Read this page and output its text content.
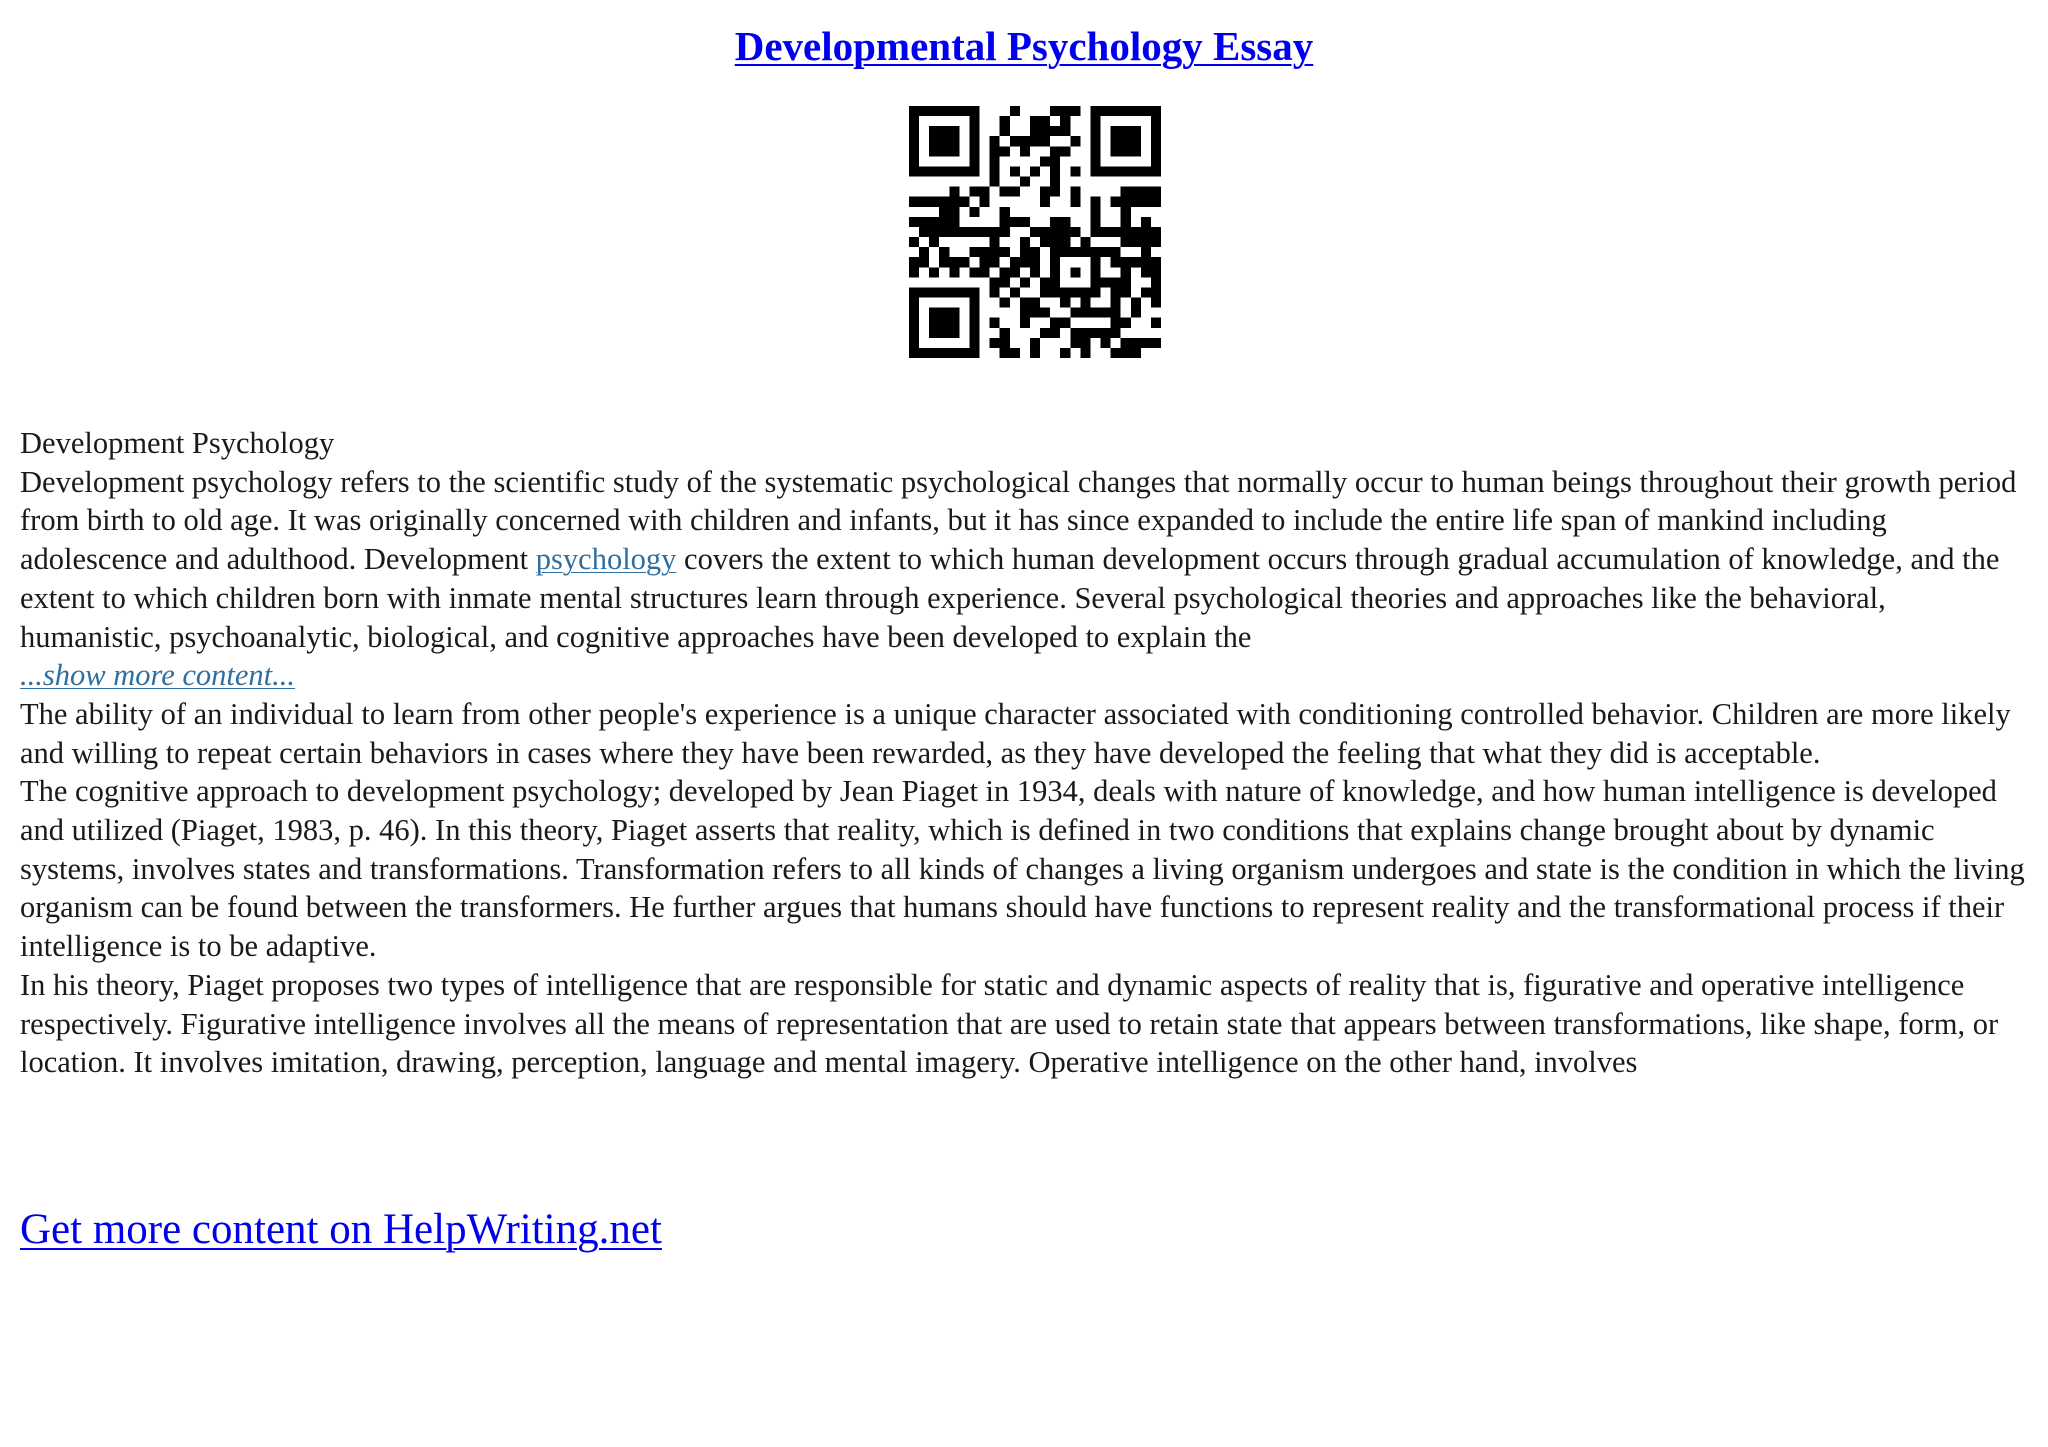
Developmental Psychology Essay

Development Psychology

Development psychology refers to the scientific study of the systematic psychological changes that normally occur to human beings throughout their growth period from birth to old age. It was originally concerned with children and infants, but it has since expanded to include the entire life span of mankind including adolescence and adulthood. Development psychology covers the extent to which human development occurs through gradual accumulation of knowledge, and the extent to which children born with inmate mental structures learn through experience. Several psychological theories and approaches like the behavioral, humanistic, psychoanalytic, biological, and cognitive approaches have been developed to explain the

...show more content...

The ability of an individual to learn from other people's experience is a unique character associated with conditioning controlled behavior. Children are more likely and willing to repeat certain behaviors in cases where they have been rewarded, as they have developed the feeling that what they did is acceptable.

The cognitive approach to development psychology; developed by Jean Piaget in 1934, deals with nature of knowledge, and how human intelligence is developed and utilized (Piaget, 1983, p. 46). In this theory, Piaget asserts that reality, which is defined in two conditions that explains change brought about by dynamic systems, involves states and transformations. Transformation refers to all kinds of changes a living organism undergoes and state is the condition in which the living organism can be found between the transformers. He further argues that humans should have functions to represent reality and the transformational process if their intelligence is to be adaptive.

In his theory, Piaget proposes two types of intelligence that are responsible for static and dynamic aspects of reality that is, figurative and operative intelligence respectively. Figurative intelligence involves all the means of representation that are used to retain state that appears between transformations, like shape, form, or location. It involves imitation, drawing, perception, language and mental imagery. Operative intelligence on the other hand, involves

Get more content on HelpWriting.net
